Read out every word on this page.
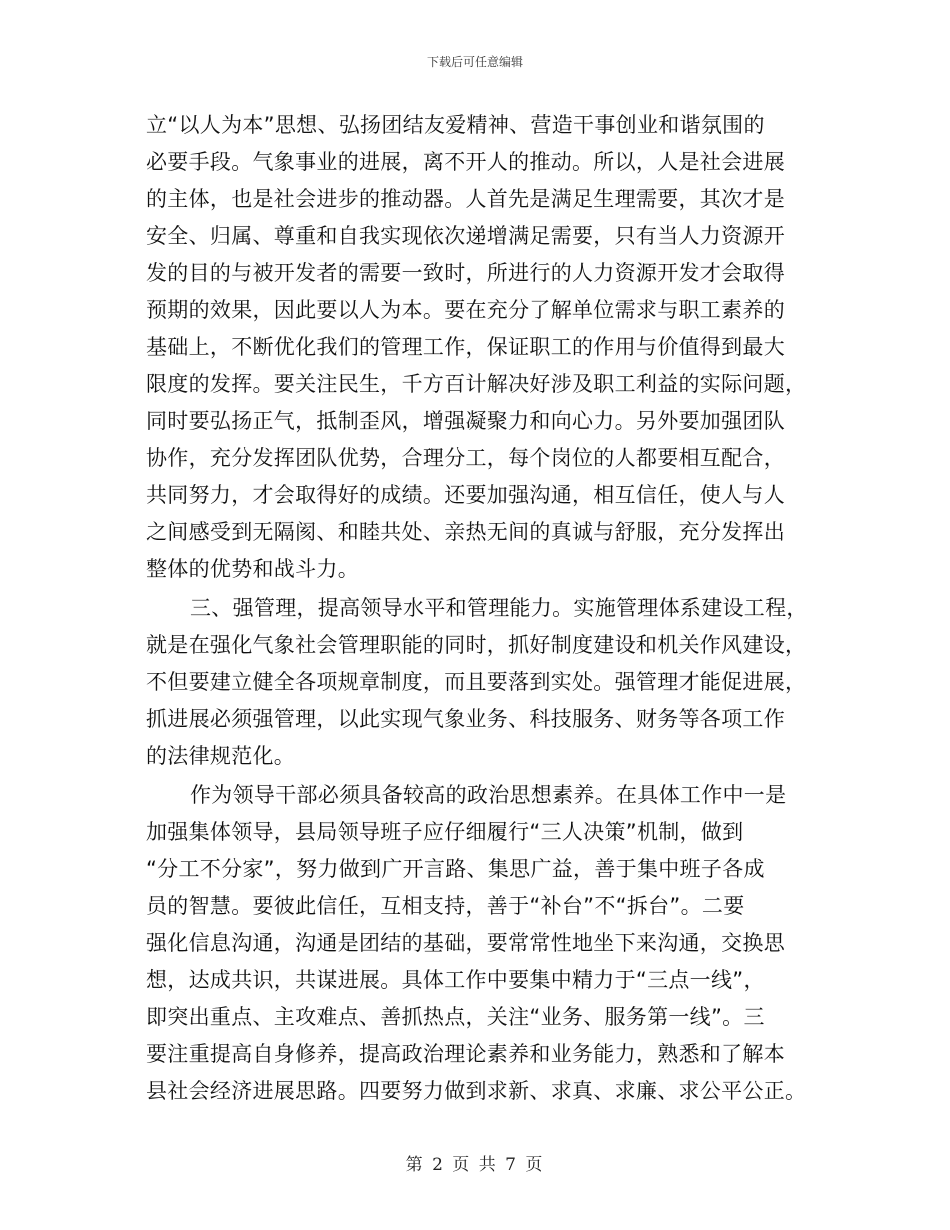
下载后可任意编辑
立“以人为本”思想、弘扬团结友爱精神、营造干事创业和谐氛围的
必要手段。气象事业的进展，离不开人的推动。所以，人是社会进展
的主体，也是社会进步的推动器。人首先是满足生理需要，其次才是
安全、归属、尊重和自我实现依次递增满足需要，只有当人力资源开
发的目的与被开发者的需要一致时，所进行的人力资源开发才会取得
预期的效果，因此要以人为本。要在充分了解单位需求与职工素养的
基础上，不断优化我们的管理工作，保证职工的作用与价值得到最大
限度的发挥。要关注民生，千方百计解决好涉及职工利益的实际问题，
同时要弘扬正气，抵制歪风，增强凝聚力和向心力。另外要加强团队
协作，充分发挥团队优势，合理分工，每个岗位的人都要相互配合，
共同努力，才会取得好的成绩。还要加强沟通，相互信任，使人与人
之间感受到无隔阂、和睦共处、亲热无间的真诚与舒服，充分发挥出
整体的优势和战斗力。
三、强管理，提高领导水平和管理能力。实施管理体系建设工程，
就是在强化气象社会管理职能的同时，抓好制度建设和机关作风建设，
不但要建立健全各项规章制度，而且要落到实处。强管理才能促进展，
抓进展必须强管理，以此实现气象业务、科技服务、财务等各项工作
的法律规范化。
作为领导干部必须具备较高的政治思想素养。在具体工作中一是
加强集体领导，县局领导班子应仔细履行“三人决策”机制，做到
“分工不分家”，努力做到广开言路、集思广益，善于集中班子各成
员的智慧。要彼此信任，互相支持，善于“补台”不“拆台”。二要
强化信息沟通，沟通是团结的基础，要常常性地坐下来沟通，交换思
想，达成共识，共谋进展。具体工作中要集中精力于“三点一线”，
即突出重点、主攻难点、善抓热点，关注“业务、服务第一线”。三
要注重提高自身修养，提高政治理论素养和业务能力，熟悉和了解本
县社会经济进展思路。四要努力做到求新、求真、求廉、求公平公正。
第 2 页 共 7 页
